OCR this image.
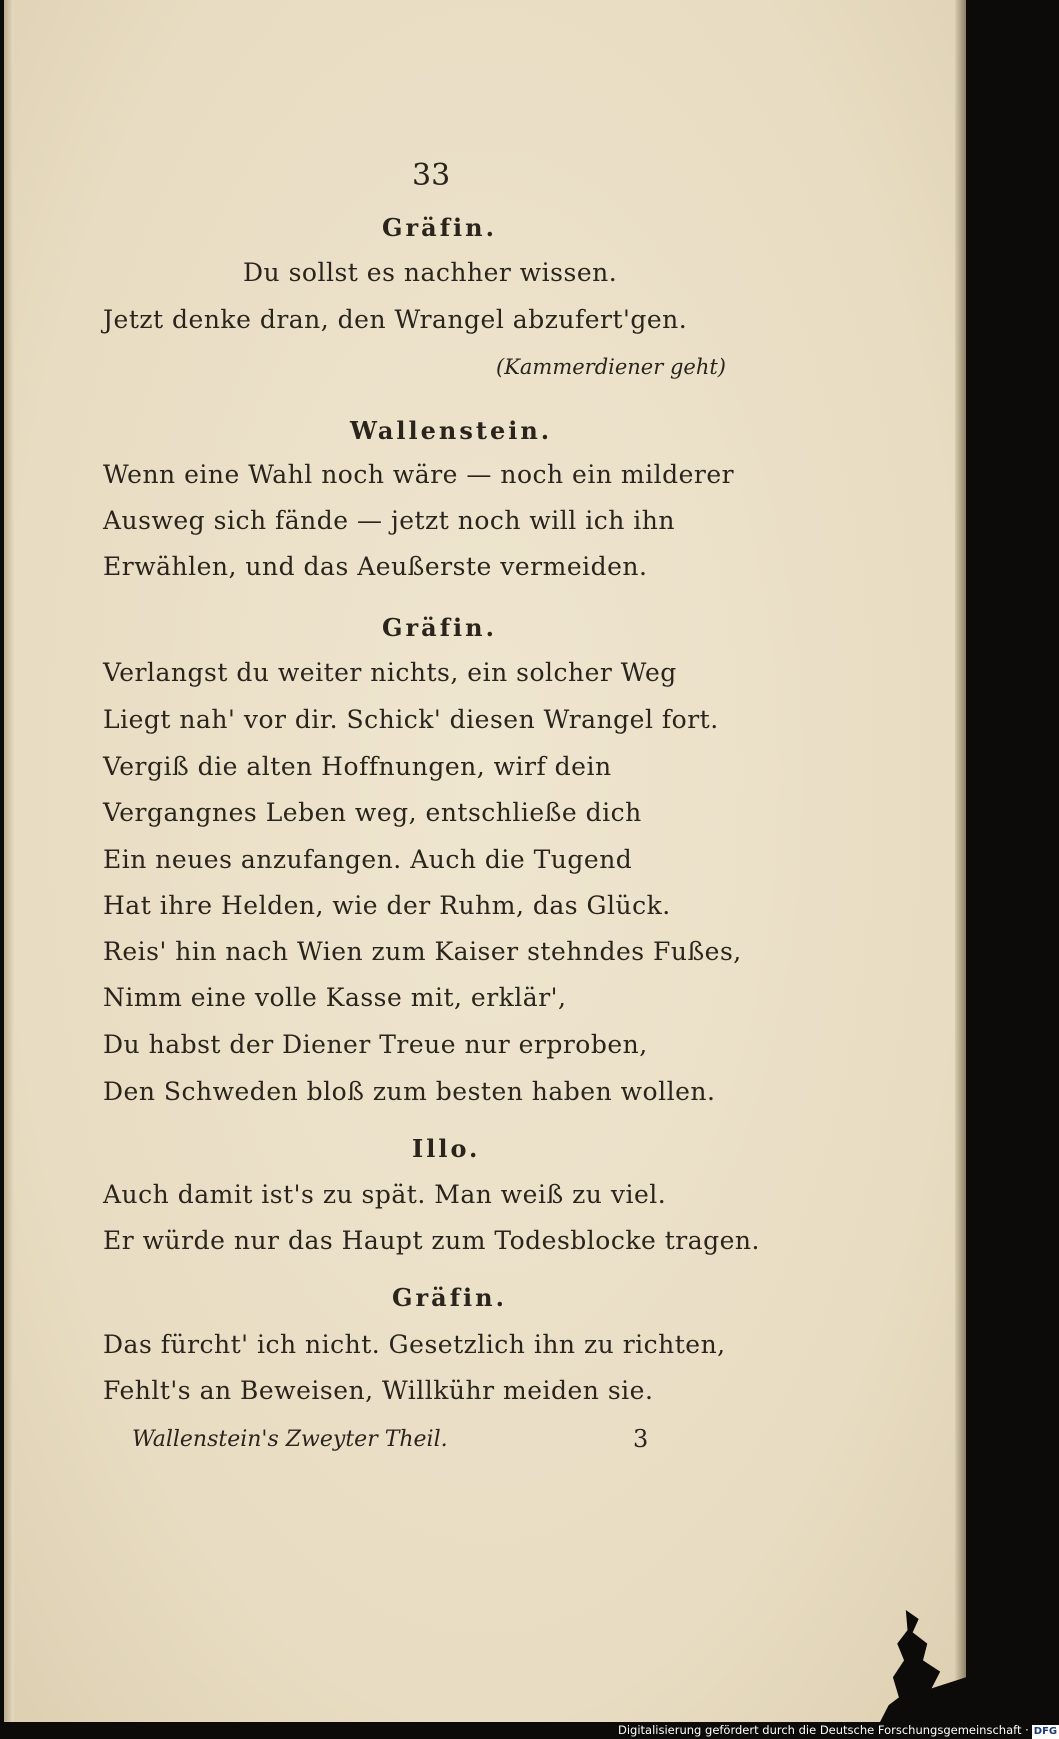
33
Gräfin.
Du sollst es nachher wissen.
Jetzt denke dran, den Wrangel abzufert'gen.
(Kammerdiener geht)
Wallenstein.
Wenn eine Wahl noch wäre — noch ein milderer
Ausweg sich fände — jetzt noch will ich ihn
Erwählen, und das Aeußerste vermeiden.
Gräfin.
Verlangst du weiter nichts, ein solcher Weg
Liegt nah' vor dir. Schick' diesen Wrangel fort.
Vergiß die alten Hoffnungen, wirf dein
Vergangnes Leben weg, entschließe dich
Ein neues anzufangen. Auch die Tugend
Hat ihre Helden, wie der Ruhm, das Glück.
Reis' hin nach Wien zum Kaiser stehndes Fußes,
Nimm eine volle Kasse mit, erklär',
Du habst der Diener Treue nur erproben,
Den Schweden bloß zum besten haben wollen.
Illo.
Auch damit ist's zu spät. Man weiß zu viel.
Er würde nur das Haupt zum Todesblocke tragen.
Gräfin.
Das fürcht' ich nicht. Gesetzlich ihn zu richten,
Fehlt's an Beweisen, Willkühr meiden sie.
Wallenstein's Zweyter Theil.	3
Digitalisierung gefördert durch die Deutsche Forschungsgemeinschaft · DFG
